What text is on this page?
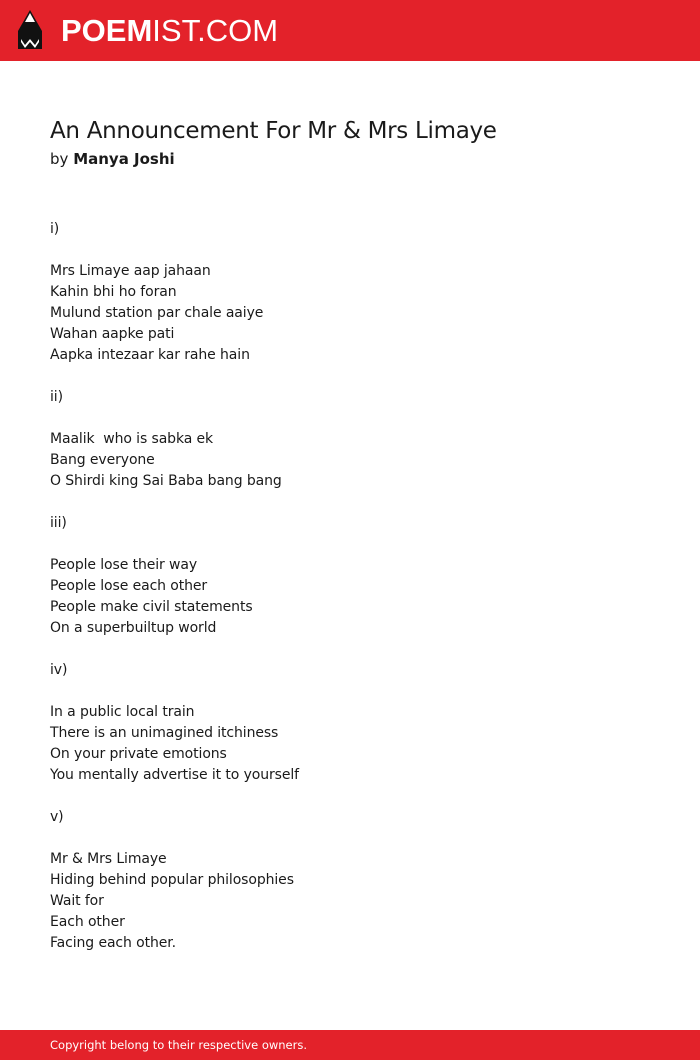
POEM IST.COM
An Announcement For Mr & Mrs Limaye
by Manya Joshi
i)
Mrs Limaye aap jahaan
Kahin bhi ho foran
Mulund station par chale aaiye
Wahan aapke pati
Aapka intezaar kar rahe hain
ii)
Maalik  who is sabka ek
Bang everyone
O Shirdi king Sai Baba bang bang
iii)
People lose their way
People lose each other
People make civil statements
On a superbuiltup world
iv)
In a public local train
There is an unimagined itchiness
On your private emotions
You mentally advertise it to yourself
v)
Mr & Mrs Limaye
Hiding behind popular philosophies
Wait for
Each other
Facing each other.
Copyright belong to their respective owners.
